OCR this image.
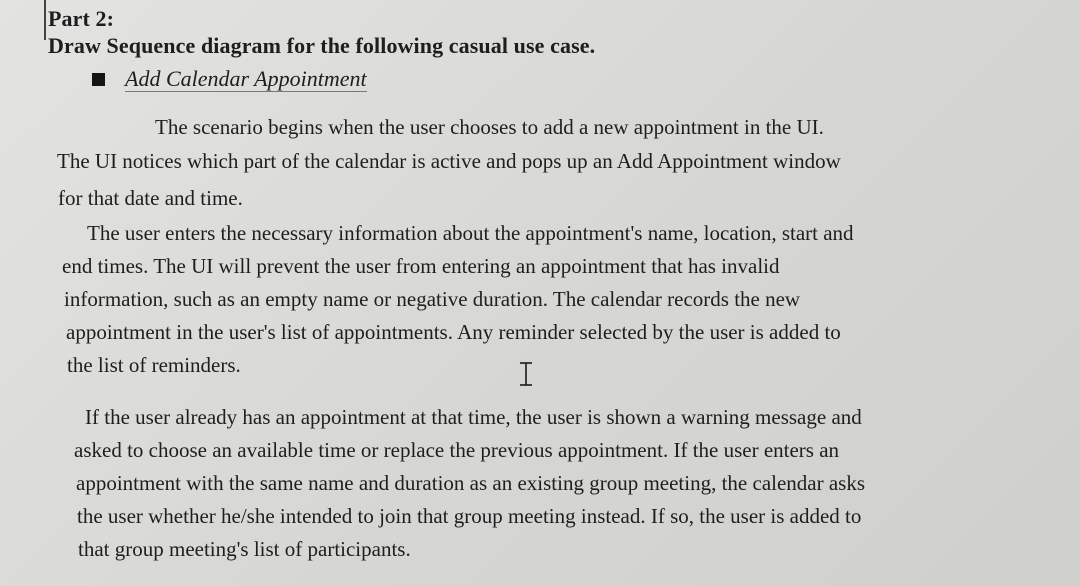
Part 2:
Draw Sequence diagram for the following casual use case.
Add Calendar Appointment
The scenario begins when the user chooses to add a new appointment in the UI.
The UI notices which part of the calendar is active and pops up an Add Appointment window
for that date and time.
The user enters the necessary information about the appointment's name, location, start and
end times. The UI will prevent the user from entering an appointment that has invalid
information, such as an empty name or negative duration. The calendar records the new
appointment in the user's list of appointments. Any reminder selected by the user is added to
the list of reminders.
If the user already has an appointment at that time, the user is shown a warning message and
asked to choose an available time or replace the previous appointment. If the user enters an
appointment with the same name and duration as an existing group meeting, the calendar asks
the user whether he/she intended to join that group meeting instead. If so, the user is added to
that group meeting's list of participants.
